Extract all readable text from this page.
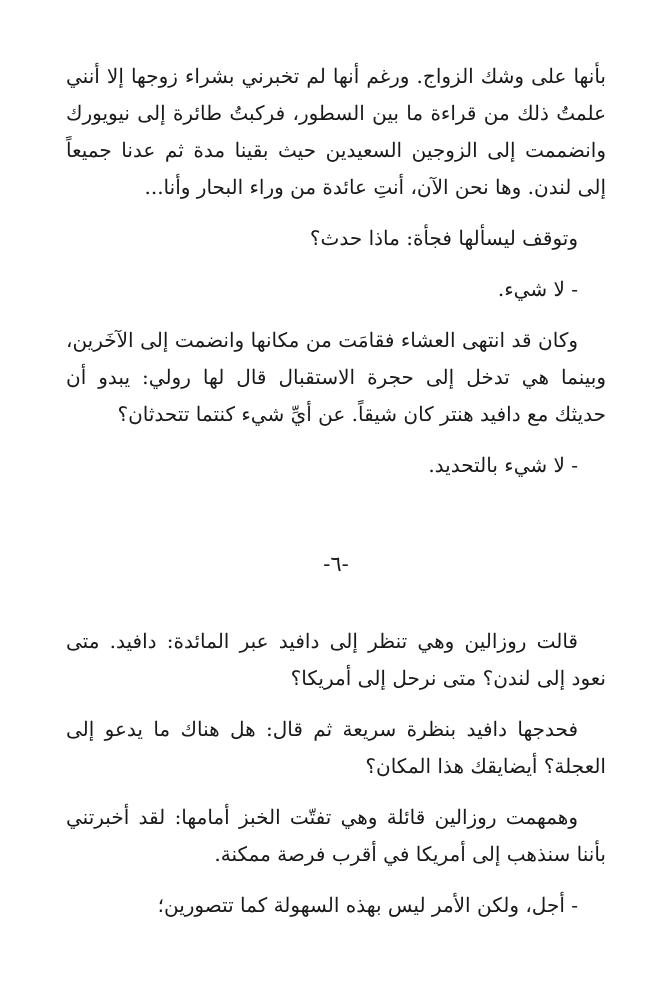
بأنها على وشك الزواج. ورغم أنها لم تخبرني بشراء زوجها إلا أنني علمتُ ذلك من قراءة ما بين السطور، فركبتُ طائرة إلى نيويورك وانضممت إلى الزوجين السعيدين حيث بقينا مدة ثم عدنا جميعاً إلى لندن. وها نحن الآن، أنتِ عائدة من وراء البحار وأنا...

وتوقف ليسألها فجأة: ماذا حدث؟

- لا شيء.

وكان قد انتهى العشاء فقامَت من مكانها وانضمت إلى الآخَرين، وبينما هي تدخل إلى حجرة الاستقبال قال لها رولي: يبدو أن حديثك مع دافيد هنتر كان شيقاً. عن أيِّ شيء كنتما تتحدثان؟

- لا شيء بالتحديد.

-٦-

قالت روزالين وهي تنظر إلى دافيد عبر المائدة: دافيد. متى نعود إلى لندن؟ متى نرحل إلى أمريكا؟

فحدجها دافيد بنظرة سريعة ثم قال: هل هناك ما يدعو إلى العجلة؟ أيضايقك هذا المكان؟

وهمهمت روزالين قائلة وهي تفتّت الخبز أمامها: لقد أخبرتني بأننا سنذهب إلى أمريكا في أقرب فرصة ممكنة.

- أجل، ولكن الأمر ليس بهذه السهولة كما تتصورين؛
